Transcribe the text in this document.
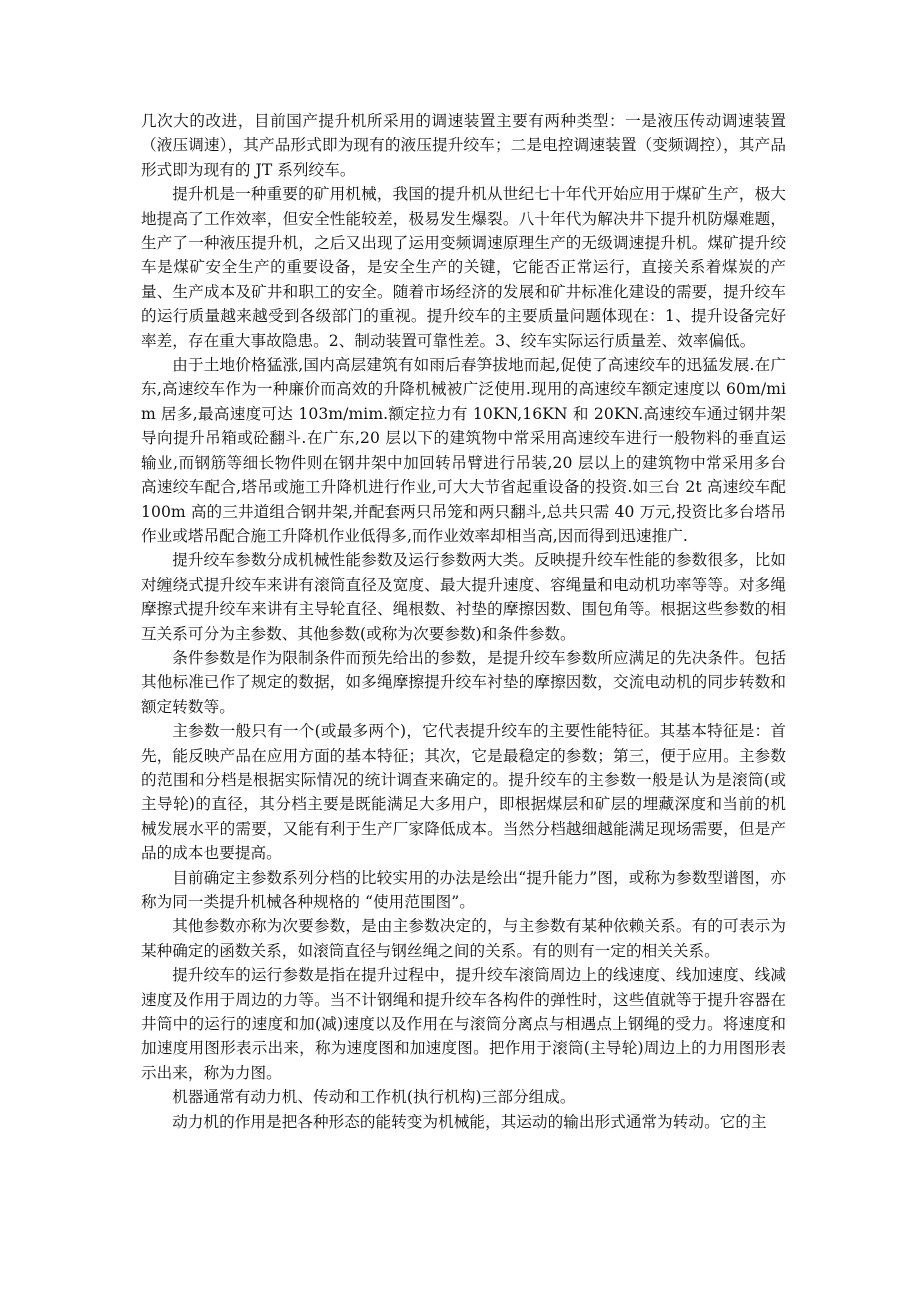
几次大的改进，目前国产提升机所采用的调速装置主要有两种类型：一是液压传动调速装置（液压调速），其产品形式即为现有的液压提升绞车；二是电控调速装置（变频调控），其产品形式即为现有的 JT 系列绞车。

提升机是一种重要的矿用机械，我国的提升机从世纪七十年代开始应用于煤矿生产，极大地提高了工作效率，但安全性能较差，极易发生爆裂。八十年代为解决井下提升机防爆难题，生产了一种液压提升机，之后又出现了运用变频调速原理生产的无级调速提升机。煤矿提升绞车是煤矿安全生产的重要设备，是安全生产的关键，它能否正常运行，直接关系着煤炭的产量、生产成本及矿井和职工的安全。随着市场经济的发展和矿井标准化建设的需要，提升绞车的运行质量越来越受到各级部门的重视。提升绞车的主要质量问题体现在：1、提升设备完好率差，存在重大事故隐患。2、制动装置可靠性差。3、绞车实际运行质量差、效率偏低。

由于土地价格猛涨,国内高层建筑有如雨后春笋拔地而起,促使了高速绞车的迅猛发展.在广东,高速绞车作为一种廉价而高效的升降机械被广泛使用.现用的高速绞车额定速度以 60m/mim 居多,最高速度可达 103m/mim.额定拉力有 10KN,16KN 和 20KN.高速绞车通过钢井架导向提升吊箱或砼翻斗.在广东,20 层以下的建筑物中常采用高速绞车进行一般物料的垂直运输业,而钢筋等细长物件则在钢井架中加回转吊臂进行吊装,20 层以上的建筑物中常采用多台高速绞车配合,塔吊或施工升降机进行作业,可大大节省起重设备的投资.如三台 2t 高速绞车配 100m 高的三井道组合钢井架,并配套两只吊笼和两只翻斗,总共只需 40 万元,投资比多台塔吊作业或塔吊配合施工升降机作业低得多,而作业效率却相当高,因而得到迅速推广.

提升绞车参数分成机械性能参数及运行参数两大类。反映提升绞车性能的参数很多，比如对缠绕式提升绞车来讲有滚筒直径及宽度、最大提升速度、容绳量和电动机功率等等。对多绳摩擦式提升绞车来讲有主导轮直径、绳根数、衬垫的摩擦因数、围包角等。根据这些参数的相互关系可分为主参数、其他参数(或称为次要参数)和条件参数。

条件参数是作为限制条件而预先给出的参数，是提升绞车参数所应满足的先决条件。包括其他标准已作了规定的数据，如多绳摩擦提升绞车衬垫的摩擦因数，交流电动机的同步转数和额定转数等。

主参数一般只有一个(或最多两个)，它代表提升绞车的主要性能特征。其基本特征是：首先，能反映产品在应用方面的基本特征；其次，它是最稳定的参数；第三，便于应用。主参数的范围和分档是根据实际情况的统计调查来确定的。提升绞车的主参数一般是认为是滚筒(或主导轮)的直径，其分档主要是既能满足大多用户，即根据煤层和矿层的埋藏深度和当前的机械发展水平的需要，又能有利于生产厂家降低成本。当然分档越细越能满足现场需要，但是产品的成本也要提高。

目前确定主参数系列分档的比较实用的办法是绘出“提升能力”图，或称为参数型谱图，亦称为同一类提升机械各种规格的 “使用范围图”。

其他参数亦称为次要参数，是由主参数决定的，与主参数有某种依赖关系。有的可表示为某种确定的函数关系，如滚筒直径与钢丝绳之间的关系。有的则有一定的相关关系。

提升绞车的运行参数是指在提升过程中，提升绞车滚筒周边上的线速度、线加速度、线减速度及作用于周边的力等。当不计钢绳和提升绞车各构件的弹性时，这些值就等于提升容器在井筒中的运行的速度和加(减)速度以及作用在与滚筒分离点与相遇点上钢绳的受力。将速度和加速度用图形表示出来，称为速度图和加速度图。把作用于滚筒(主导轮)周边上的力用图形表示出来，称为力图。

机器通常有动力机、传动和工作机(执行机构)三部分组成。

动力机的作用是把各种形态的能转变为机械能，其运动的输出形式通常为转动。它的主
